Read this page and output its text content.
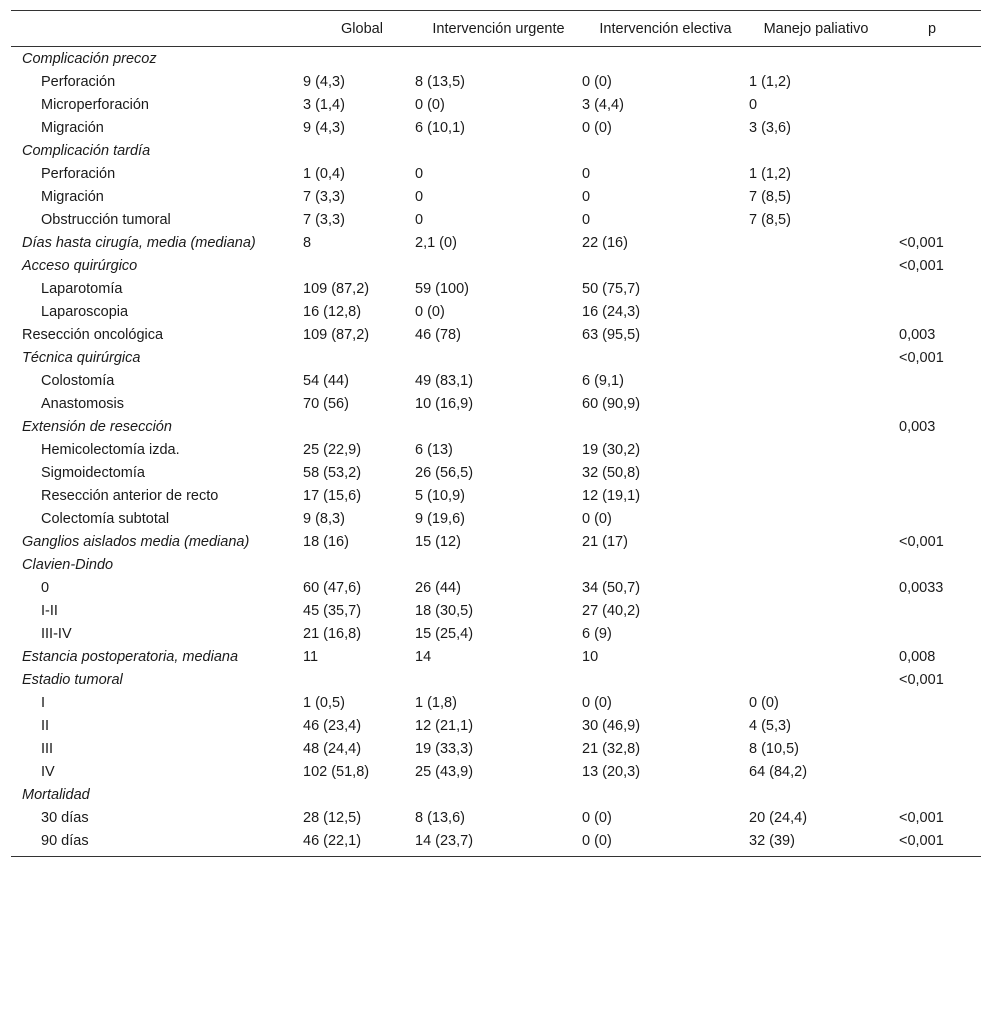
	Global	Intervención urgente	Intervención electiva	Manejo paliativo	p
Complicación precoz					
Perforación	9 (4,3)	8 (13,5)	0 (0)	1 (1,2)	
Microperforación	3 (1,4)	0 (0)	3 (4,4)	0	
Migración	9 (4,3)	6 (10,1)	0 (0)	3 (3,6)	
Complicación tardía					
Perforación	1 (0,4)	0	0	1 (1,2)	
Migración	7 (3,3)	0	0	7 (8,5)	
Obstrucción tumoral	7 (3,3)	0	0	7 (8,5)	
Días hasta cirugía, media (mediana)	8	2,1 (0)	22 (16)		<0,001
Acceso quirúrgico					<0,001
Laparotomía	109 (87,2)	59 (100)	50 (75,7)		
Laparoscopia	16 (12,8)	0 (0)	16 (24,3)		
Resección oncológica	109 (87,2)	46 (78)	63 (95,5)		0,003
Técnica quirúrgica					<0,001
Colostomía	54 (44)	49 (83,1)	6 (9,1)		
Anastomosis	70 (56)	10 (16,9)	60 (90,9)		
Extensión de resección					0,003
Hemicolectomía izda.	25 (22,9)	6 (13)	19 (30,2)		
Sigmoidectomía	58 (53,2)	26 (56,5)	32 (50,8)		
Resección anterior de recto	17 (15,6)	5 (10,9)	12 (19,1)		
Colectomía subtotal	9 (8,3)	9 (19,6)	0 (0)		
Ganglios aislados media (mediana)	18 (16)	15 (12)	21 (17)		<0,001
Clavien-Dindo					
0	60 (47,6)	26 (44)	34 (50,7)		0,0033
I-II	45 (35,7)	18 (30,5)	27 (40,2)		
III-IV	21 (16,8)	15 (25,4)	6 (9)		
Estancia postoperatoria, mediana	11	14	10		0,008
Estadio tumoral					<0,001
I	1 (0,5)	1 (1,8)	0 (0)	0 (0)	
II	46 (23,4)	12 (21,1)	30 (46,9)	4 (5,3)	
III	48 (24,4)	19 (33,3)	21 (32,8)	8 (10,5)	
IV	102 (51,8)	25 (43,9)	13 (20,3)	64 (84,2)	
Mortalidad					
30 días	28 (12,5)	8 (13,6)	0 (0)	20 (24,4)	<0,001
90 días	46 (22,1)	14 (23,7)	0 (0)	32 (39)	<0,001
